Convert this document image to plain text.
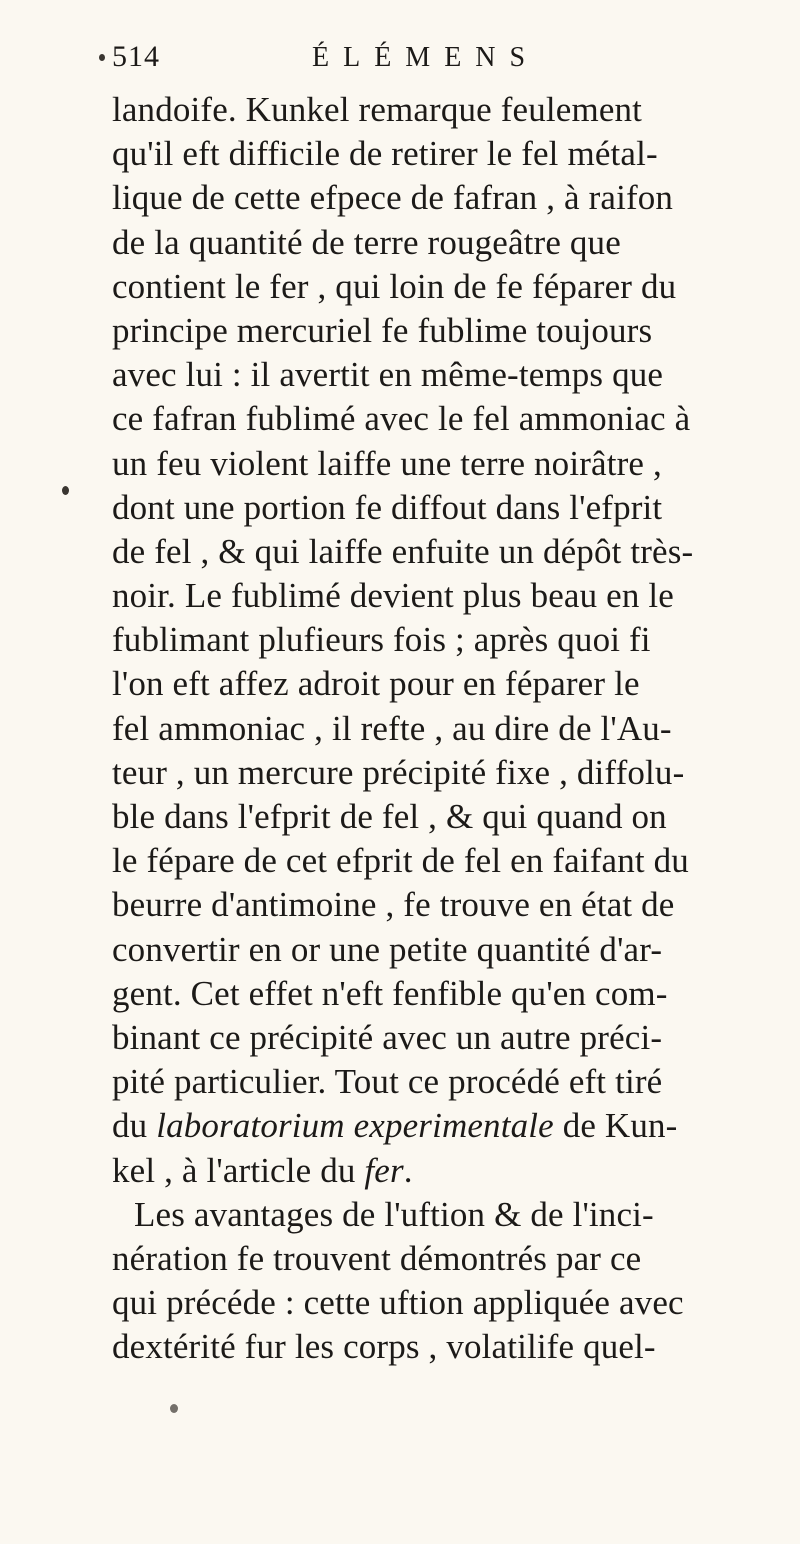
514	ÉLÉMENS
landoife. Kunkel remarque feulement
qu'il eft difficile de retirer le fel métal-
lique de cette efpece de fafran , à raifon
de la quantité de terre rougeâtre que
contient le fer , qui loin de fe féparer du
principe mercuriel fe fublime toujours
avec lui : il avertit en même-temps que
ce fafran fublimé avec le fel ammoniac à
un feu violent laiffe une terre noirâtre ,
dont une portion fe diffout dans l'efprit
de fel , & qui laiffe enfuite un dépôt très-
noir. Le fublimé devient plus beau en le
fublimant plufieurs fois ; après quoi fi
l'on eft affez adroit pour en féparer le
fel ammoniac , il refte , au dire de l'Au-
teur , un mercure précipité fixe , diffolu-
ble dans l'efprit de fel , & qui quand on
le fépare de cet efprit de fel en faifant du
beurre d'antimoine , fe trouve en état de
convertir en or une petite quantité d'ar-
gent. Cet effet n'eft fenfible qu'en com-
binant ce précipité avec un autre préci-
pité particulier. Tout ce procédé eft tiré
du laboratorium experimentale de Kun-
kel , à l'article du fer.
Les avantages de l'uftion & de l'inci-
nération fe trouvent démontrés par ce
qui précéde : cette uftion appliquée avec
dextérité fur les corps , volatilife quel-
